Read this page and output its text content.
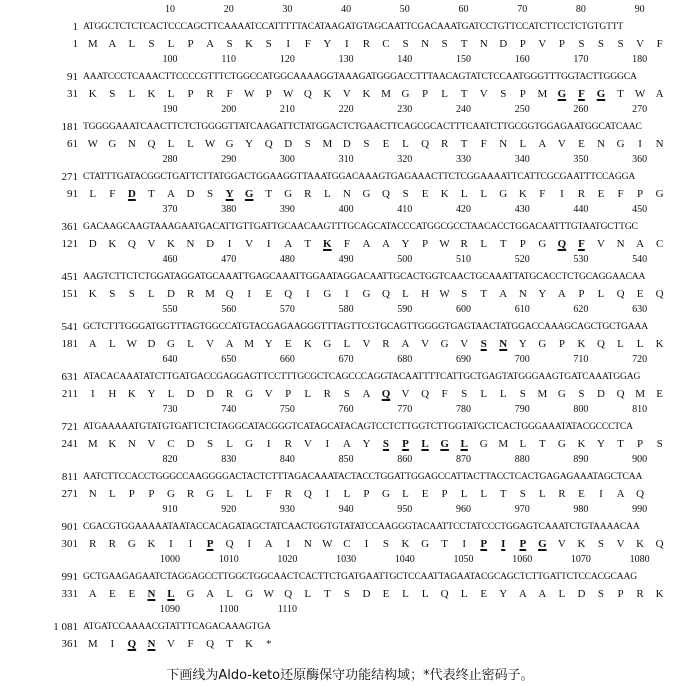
10	20	30	40	50	60	70	80	90
1 ATGGCTCTCTCACTCCCAGCTTCAAAATCCATTTTTACATAAGATGTAGCAATTCGACAAATGATCCTGTTCCATCTTCCTCTGTGTTT
1 M A L S L P A S K S I F Y I R C S N S T N D P V P S S S V F
100	110	120	130	140	150	160	170	180
91 AAATCCCTCAAACTTCCCCGTTTCTGGCCATGGCAAAAGGTAAAGATGGGACCTTTAACAGTATCTCCAATGGGTTTGGTACTTGGGCA
31 K S L K L P R F W P W Q K V K M G P L T V S P M G F G T W A
190	200	210	220	230	240	250	260	270
181 TGGGGAAATCAACTTCTCTGGGGTTATCAAGATTCTATGGACTCTGAACTTCAGCGCACTTTCAATCTTGCGGTGGAGAATGGCATCAAC
61 W G N Q L L W G Y Q D S M D S E L Q R T F N L A V E N G I N
280	290	300	310	320	330	340	350	360
271 CTATTTGATACGGCTGATTCTTATGGACTGGAAGGTTAAATGGACAAAGTGAGAAACTTCTCGGAAAATTCATTCGCGAATTTCCAGGA
91	L F D T A D S Y G T G R L N G Q S E K L L G K F I R E F P G
370	380	390	400	410	420	430	440	450
361 GACAAGCAAGTAAAGAATGACATTGTTGATTGCAACAAGTTTGCAGCATACCCATGGCGCCTAACACCTGGACAATTTGTAATGCTTGC
121 D K Q V K N D I V I A T K F A A Y P W R L T P G Q F V N A C
460	470	480	490	500	510	520	530	540
451 AAGTCTTCTCTGGATAGGATGCAAATTGAGCAAATTGGAATAGGACAATTGCACTGGTCAACTGCAAATTATGCACCTCTGCAGGAACAA
151 K S S L D R M Q I E Q I G I G Q L H W S T A N Y A P L Q E Q
550	560	570	580	590	600	610	620	630
541 GCTCTTTGGGATGGTTTAGTGGCCATGTACGAGAAGGGTTTAGTTCGTGCAGTTGGGGTGAGTAACTATGGACCAAAGCAGCTGCTGAAA
181 A L W D G L V A M Y E K G L V R A V G V S N Y G P K Q L L K
640	650	660	670	680	690	700	710	720
631 ATACACAAATATCTTGATGACCGAGGAGTTCCTTTGCGCTCAGCCCAGGTACAATTTTCATTGCTGAGTATGGGAAGTGATCAAATGGAG
211	I H K Y L D D R G V P L R S A Q V Q F S L L S M G S D Q M E
730	740	750	760	770	780	790	800	810
721 ATGAAAAATGTATGTGATTCTCTAGGCATACGGGTCATAGCATACAGTCCTCTTGGTCTTGGTATGCTCACTGGGAAATATACGCCCTCA
241 M K N V C D S L G I R V I A Y S P L G L G M L T G K Y T P S
820	830	840	850	860	870	880	890	900
811 AATCTTCCACCTGGGCCAAGGGGACTACTCTTTAGACAAATACTACCTGGATTGGAGCCATTACTTACCTCACTGAGAGAAATAGCTCAA
271 N L P P G R G L L F R Q I L P G L E P L L T S L R E I A Q
910	920	930	940	950	960	970	980	990
901 CGACGTGGAAAAATAATACCACAGATAGCTATCAACTGGTGTATATCCAAGGGTACAATTCCTATCCCTGGAGTCAAATCTGTAAAACAA
301	R R G K I I P Q I A I N W C I S K G T I P I P G V K S V K Q
1000	1010	1020	1030	1040	1050	1060	1070	1080
991 GCTGAAGAGAATCTAGGAGCCTTGGCTGGCAACTCACTTCTGATGAATTGCTCCAATTAGAATACGCAGCTCTTGATTCTCCACGCAAG
331 A E E N L G A L G W Q L T S D E L L Q L E Y A A L D S P R K
1090	1100	1110
1 081 ATGATCCAAAACGTATTTCAGACAAAGTGA
361 M I Q N V F Q T K *
下画线为Aldo-keto还原酶保守功能结构域；*代表终止密码子。
